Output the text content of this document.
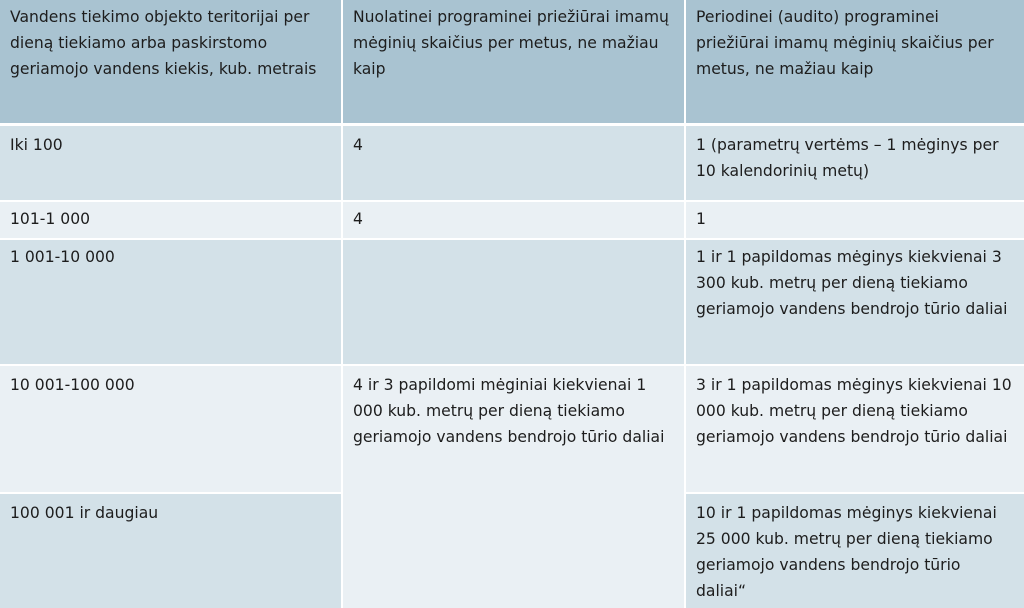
Vandens tiekimo objekto teritorijai per dieną tiekiamo arba paskirstomo geriamojo vandens kiekis, kub. metrais	Nuolatinei programinei priežiūrai imamų mėginių skaičius per metus, ne mažiau kaip	Periodinei (audito) programinei priežiūrai imamų mėginių skaičius per metus, ne mažiau kaip
Iki 100	4	1 (parametrų vertėms – 1 mėginys per 10 kalendorinių metų)
101-1 000	4	1
1 001-10 000		1 ir 1 papildomas mėginys kiekvienai 3 300 kub. metrų per dieną tiekiamo geriamojo vandens bendrojo tūrio daliai
10 001-100 000	4 ir 3 papildomi mėginiai kiekvienai 1 000 kub. metrų per dieną tiekiamo geriamojo vandens bendrojo tūrio daliai	3 ir 1 papildomas mėginys kiekvienai 10 000 kub. metrų per dieną tiekiamo geriamojo vandens bendrojo tūrio daliai
100 001 ir daugiau		10 ir 1 papildomas mėginys kiekvienai 25 000 kub. metrų per dieną tiekiamo geriamojo vandens bendrojo tūrio daliai“
